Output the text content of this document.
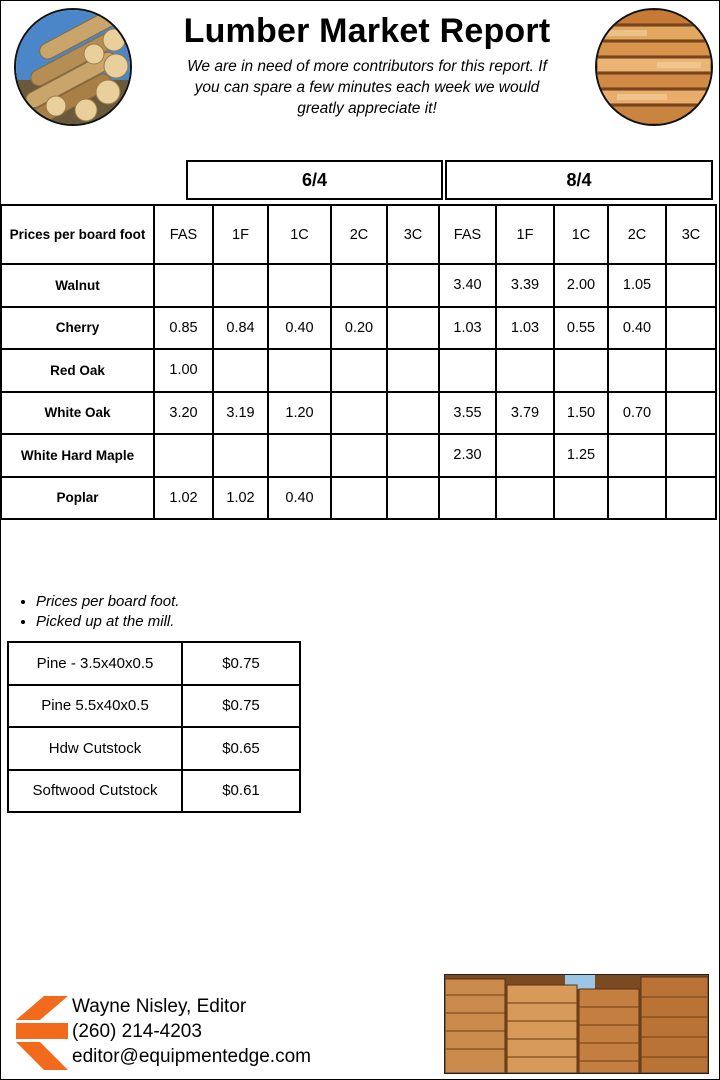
Lumber Market Report
We are in need of more contributors for this report. If you can spare a few minutes each week we would greatly appreciate it!
6/4	8/4
Prices per board foot	FAS	1F	1C	2C	3C	FAS	1F	1C	2C	3C
Walnut						3.40	3.39	2.00	1.05	
Cherry	0.85	0.84	0.40	0.20		1.03	1.03	0.55	0.40	
Red Oak	1.00									
White Oak	3.20	3.19	1.20			3.55	3.79	1.50	0.70	
White Hard Maple						2.30		1.25		
Poplar	1.02	1.02	0.40							
• Prices per board foot.
• Picked up at the mill.
Pine - 3.5x40x0.5	$0.75
Pine 5.5x40x0.5	$0.75
Hdw Cutstock	$0.65
Softwood Cutstock	$0.61
Wayne Nisley, Editor
(260) 214-4203
editor@equipmentedge.com
